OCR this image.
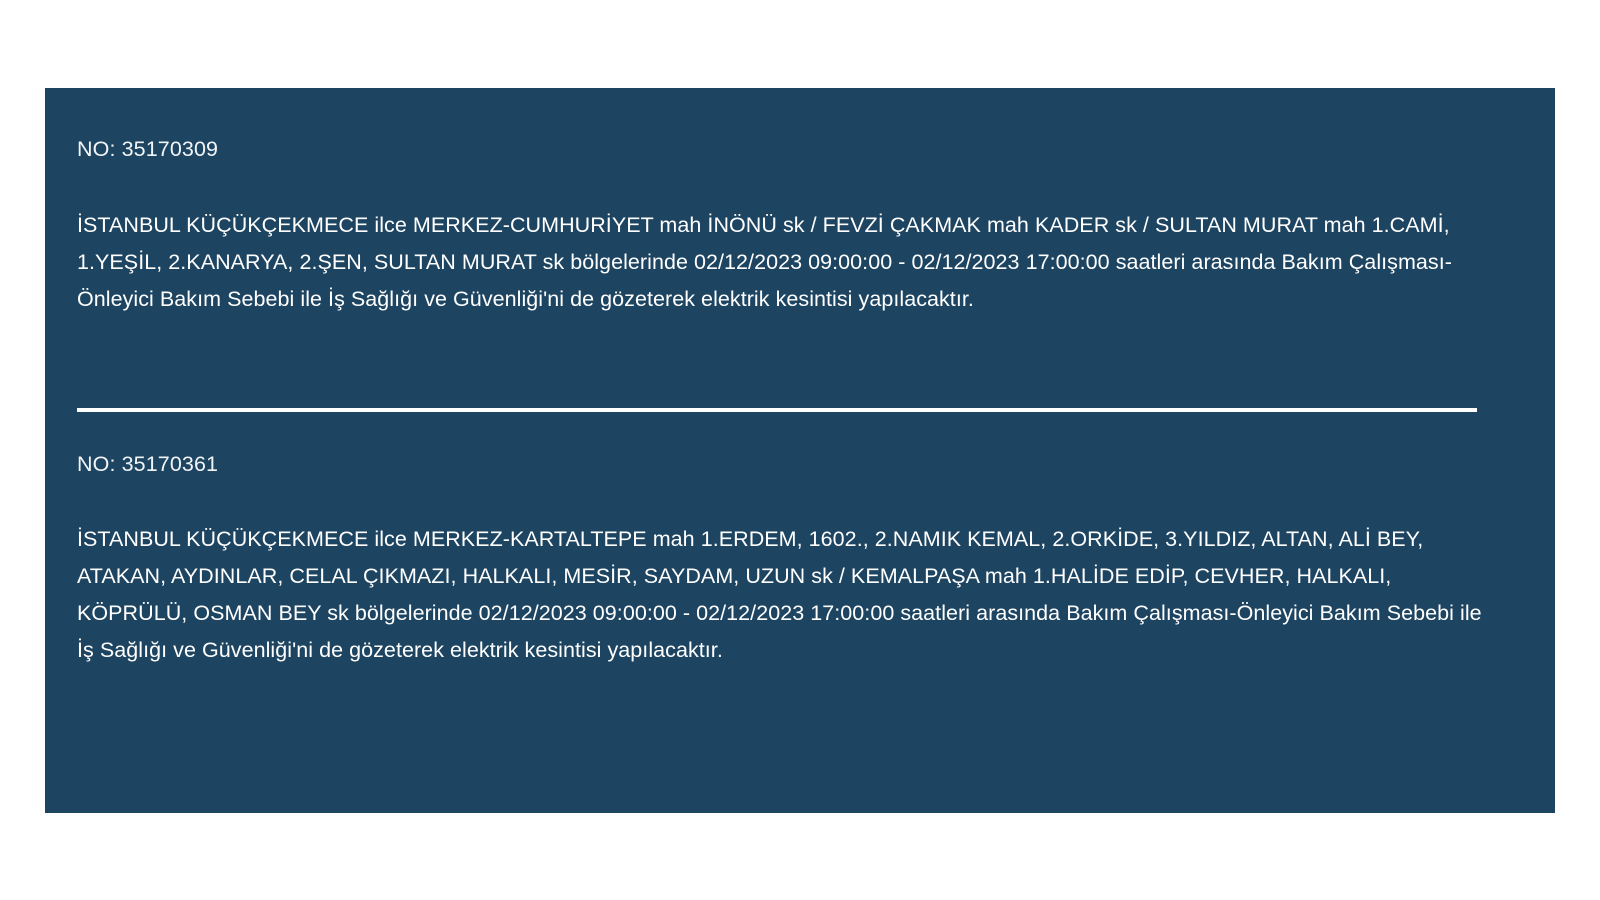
NO: 35170309
İSTANBUL KÜÇÜKÇEKMECE ilce MERKEZ-CUMHURİYET mah İNÖNÜ sk / FEVZİ ÇAKMAK mah KADER sk / SULTAN MURAT mah 1.CAMİ, 1.YEŞİL, 2.KANARYA, 2.ŞEN, SULTAN MURAT sk bölgelerinde 02/12/2023 09:00:00 - 02/12/2023 17:00:00 saatleri arasında Bakım Çalışması-Önleyici Bakım Sebebi ile İş Sağlığı ve Güvenliği'ni de gözeterek elektrik kesintisi yapılacaktır.
NO: 35170361
İSTANBUL KÜÇÜKÇEKMECE ilce MERKEZ-KARTALTEPE mah 1.ERDEM, 1602., 2.NAMIK KEMAL, 2.ORKİDE, 3.YILDIZ, ALTAN, ALİ BEY, ATAKAN, AYDINLAR, CELAL ÇIKMAZI, HALKALI, MESİR, SAYDAM, UZUN sk / KEMALPAŞA mah 1.HALİDE EDİP, CEVHER, HALKALI, KÖPRÜLÜ, OSMAN BEY sk bölgelerinde 02/12/2023 09:00:00 - 02/12/2023 17:00:00 saatleri arasında Bakım Çalışması-Önleyici Bakım Sebebi ile İş Sağlığı ve Güvenliği'ni de gözeterek elektrik kesintisi yapılacaktır.
